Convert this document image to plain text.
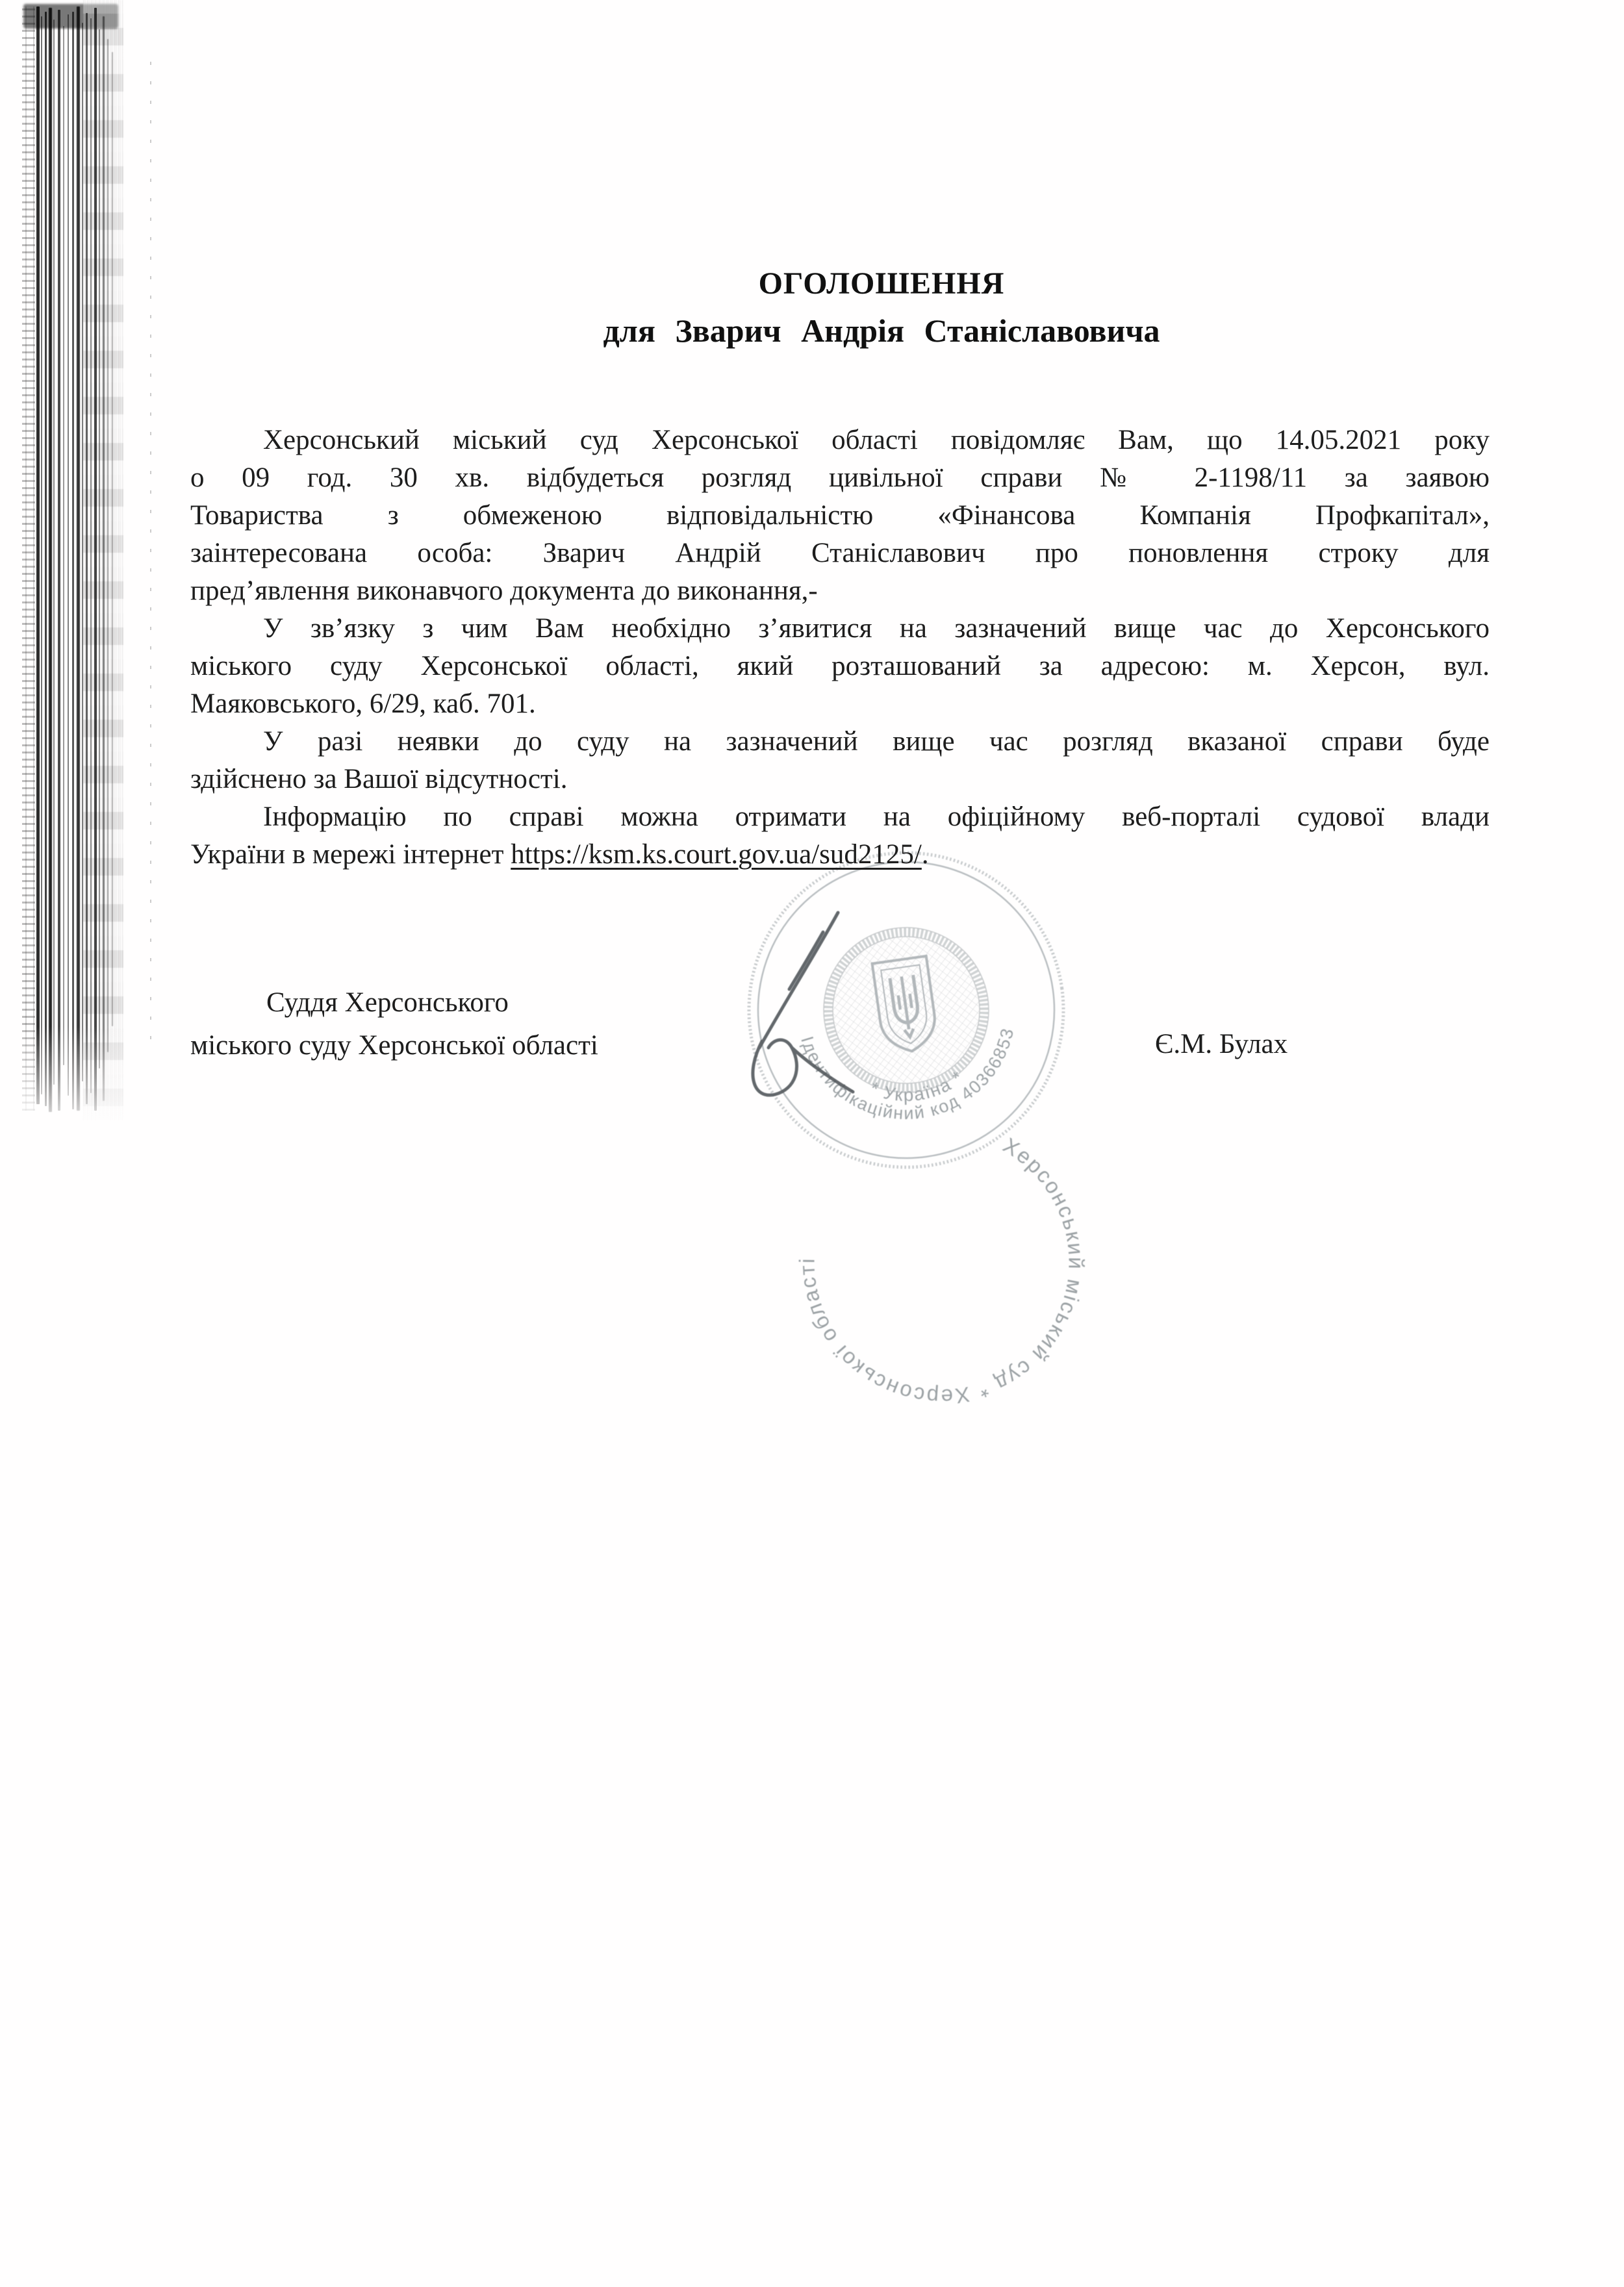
ОГОЛОШЕННЯ
для Зварич Андрія Станіславовича
Херсонський міський суд Херсонської області повідомляє Вам, що 14.05.2021 року
о 09 год. 30 хв. відбудеться розгляд цивільної справи № 2-1198/11 за заявою
Товариства з обмеженою відповідальністю «Фінансова Компанія Профкапітал»,
заінтересована особа: Зварич Андрій Станіславович про поновлення строку для
пред’явлення виконавчого документа до виконання,-
У зв’язку з чим Вам необхідно з’явитися на зазначений вище час до Херсонського
міського суду Херсонської області, який розташований за адресою: м. Херсон, вул.
Маяковського, 6/29, каб. 701.
У разі неявки до суду на зазначений вище час розгляд вказаної справи буде
здійснено за Вашої відсутності.
Інформацію по справі можна отримати на офіційному веб-порталі судової влади
України в мережі інтернет https://ksm.ks.court.gov.ua/sud2125/.
Суддя Херсонського
міського суду Херсонської області	Є.М. Булах
Херсонський міський суд * Херсонської області
Ідентифікаційний код 40366853
* Україна *
